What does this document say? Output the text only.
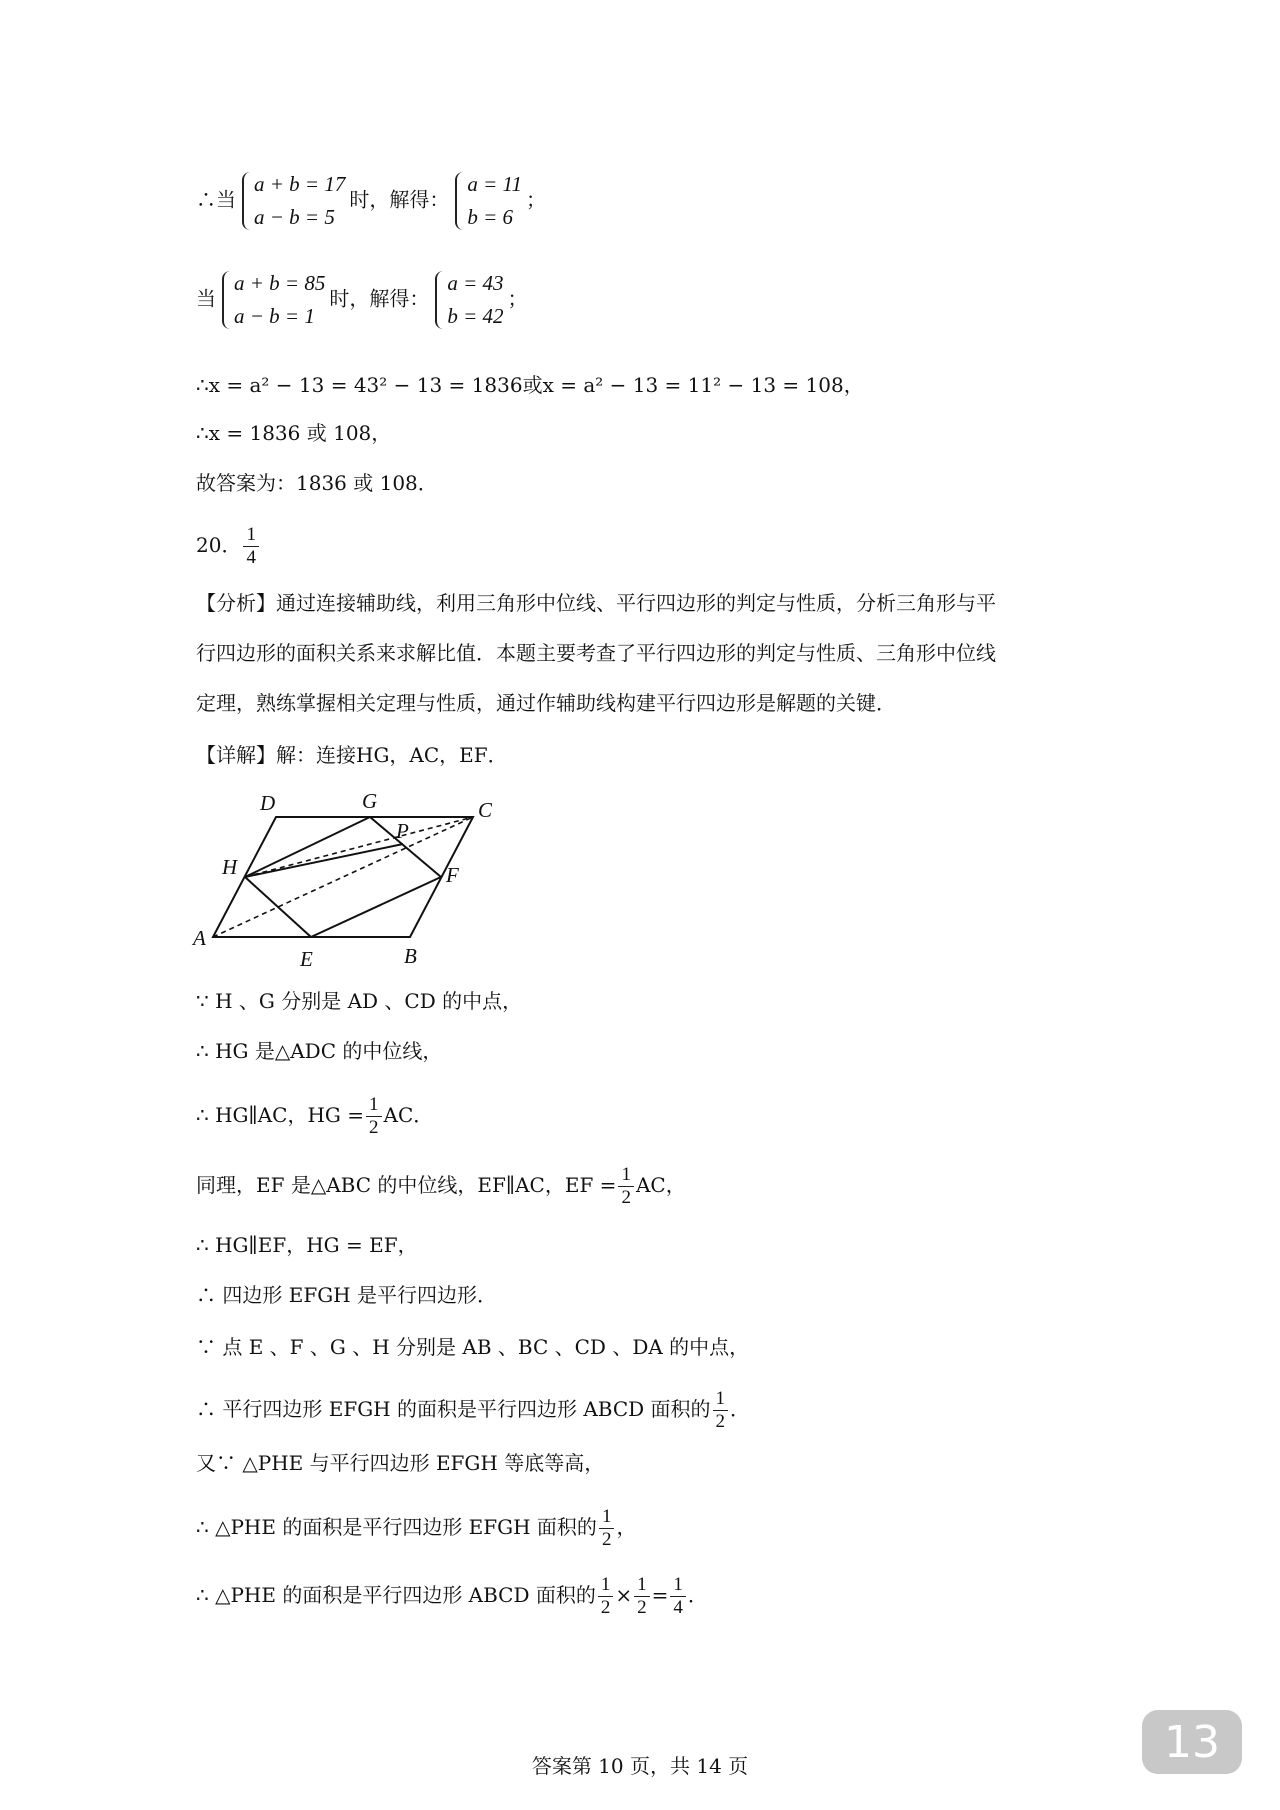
∴当
a + b = 17
a − b = 5
时，解得：
a = 11
b = 6
；
当
a + b = 85
a − b = 1
时，解得：
a = 43
b = 42
；
∴x = a² − 13 = 43² − 13 = 1836或x = a² − 13 = 11² − 13 = 108，
∴x = 1836 或 108，
故答案为：1836 或 108．
20． $\frac{1}{4}$
【分析】通过连接辅助线，利用三角形中位线、平行四边形的判定与性质，分析三角形与平
行四边形的面积关系来求解比值．本题主要考查了平行四边形的判定与性质、三角形中位线
定理，熟练掌握相关定理与性质，通过作辅助线构建平行四边形是解题的关键．
【详解】解：连接HG，AC，EF．
A
B
C
D
E
F
G
H
P
∵ H 、G 分别是 AD 、CD 的中点，
∴ HG 是△ADC 的中位线，
∴ HG∥AC，HG = $\frac{1}{2}$ AC．
同理，EF 是△ABC 的中位线，EF∥AC，EF = $\frac{1}{2}$ AC，
∴ HG∥EF，HG = EF，
∴ 四边形 EFGH 是平行四边形．
∵ 点 E 、F 、G 、H 分别是 AB 、BC 、CD 、DA 的中点，
∴ 平行四边形 EFGH 的面积是平行四边形 ABCD 面积的 $\frac{1}{2}$ ．
又∵ △PHE 与平行四边形 EFGH 等底等高，
∴ △PHE 的面积是平行四边形 EFGH 面积的 $\frac{1}{2}$ ，
∴ △PHE 的面积是平行四边形 ABCD 面积的 $\frac{1}{2} \times \frac{1}{2} = \frac{1}{4}$ ．
答案第 10 页，共 14 页	13
